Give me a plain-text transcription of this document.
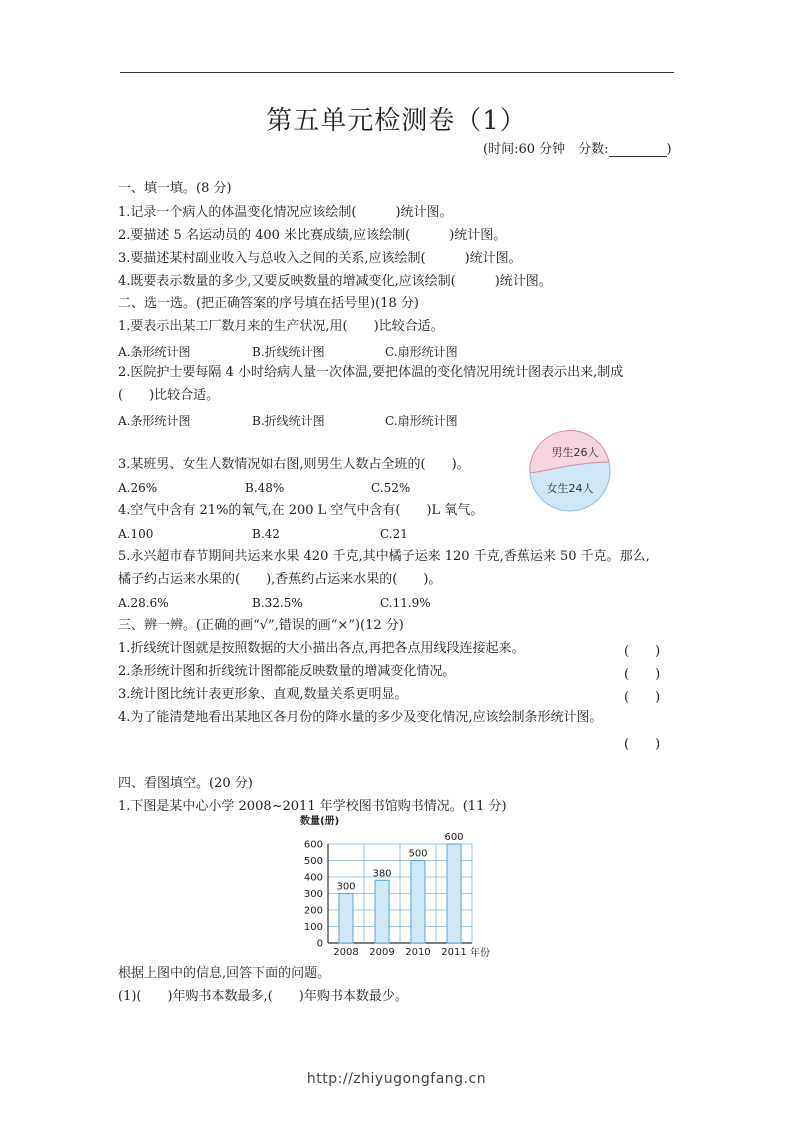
第五单元检测卷（1）
(时间:60 分钟　分数:	)
一、填一填。(8 分)
1.记录一个病人的体温变化情况应该绘制(　　　)统计图。
2.要描述 5 名运动员的 400 米比赛成绩,应该绘制(　　　)统计图。
3.要描述某村副业收入与总收入之间的关系,应该绘制(　　　)统计图。
4.既要表示数量的多少,又要反映数量的增减变化,应该绘制(　　　)统计图。
二、选一选。(把正确答案的序号填在括号里)(18 分)
1.要表示出某工厂数月来的生产状况,用(　　)比较合适。
A.条形统计图	B.折线统计图	C.扇形统计图
2.医院护士要每隔 4 小时给病人量一次体温,要把体温的变化情况用统计图表示出来,制成
(　　)比较合适。
A.条形统计图	B.折线统计图	C.扇形统计图
3.某班男、女生人数情况如右图,则男生人数占全班的(　　)。
A.26%	B.48%	C.52%
男生26人
女生24人
4.空气中含有 21%的氧气,在 200 L 空气中含有(　　)L 氧气。
A.100	B.42	C.21
5.永兴超市春节期间共运来水果 420 千克,其中橘子运来 120 千克,香蕉运来 50 千克。那么,
橘子约占运来水果的(　　),香蕉约占运来水果的(　　)。
A.28.6%	B.32.5%	C.11.9%
三、辨一辨。(正确的画“√”,错误的画“×”)(12 分)
1.折线统计图就是按照数据的大小描出各点,再把各点用线段连接起来。	(　　)
2.条形统计图和折线统计图都能反映数量的增减变化情况。	(　　)
3.统计图比统计表更形象、直观,数量关系更明显。	(　　)
4.为了能清楚地看出某地区各月份的降水量的多少及变化情况,应该绘制条形统计图。
(　　)
四、看图填空。(20 分)
1.下图是某中心小学 2008~2011 年学校图书馆购书情况。(11 分)
300
380
500
600
0
100
200
300
400
500
600
2008 2009 2010 2011
数量(册)
年份
根据上图中的信息,回答下面的问题。
(1)(　　)年购书本数最多,(　　)年购书本数最少。
http://zhiyugongfang.cn
